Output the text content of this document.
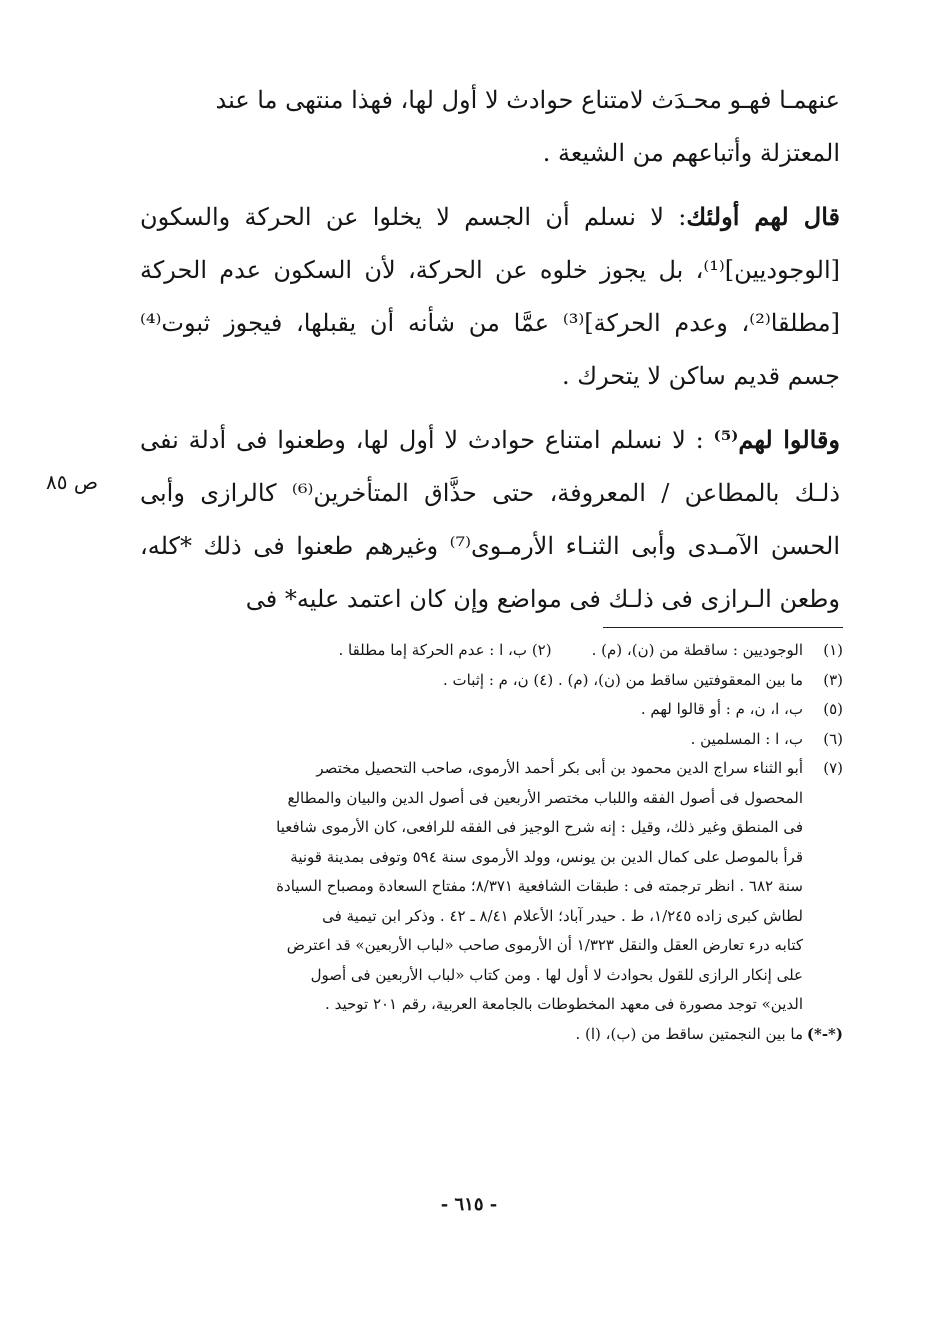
عنهمـا فهـو محـدَث لامتناع حوادث لا أول لها، فهذا منتهى ما عند

المعتزلة وأتباعهم من الشيعة .

قال لهم أولئك: لا نسلم أن الجسم لا يخلوا عن الحركة والسكون [الوجوديين]⁽¹⁾، بل يجوز خلوه عن الحركة، لأن السكون عدم الحركة [مطلقا⁽²⁾، وعدم الحركة]⁽³⁾ عمَّا من شأنه أن يقبلها، فيجوز ثبوت⁽⁴⁾ جسم قديم ساكن لا يتحرك .

وقالوا لهم⁽⁵⁾ : لا نسلم امتناع حوادث لا أول لها، وطعنوا فى أدلة نفى ذلـك بالمطاعن / المعروفة، حتى حذَّاق المتأخرين⁽⁶⁾ كالرازى وأبى الحسن الآمـدى وأبى الثنـاء الأرمـوى⁽⁷⁾ وغيرهم طعنوا فى ذلك *كله، وطعن الـرازى فى ذلـك فى مواضع وإن كان اعتمد عليه* فى

ص ٨٥
(١)
الوجوديين : ساقطة من (ن)، (م) .(٢) ب، ا : عدم الحركة إما مطلقا .
(٣)
ما بين المعقوفتين ساقط من (ن)، (م) . (٤) ن، م : إثبات .
(٥)
ب، ا، ن، م : أو قالوا لهم .
(٦)
ب، ا : المسلمين .
(٧)
أبو الثناء سراج الدين محمود بن أبى بكر أحمد الأرموى، صاحب التحصيل مختصر
المحصول فى أصول الفقه واللباب مختصر الأربعين فى أصول الدين والبيان والمطالع
فى المنطق وغير ذلك، وقيل : إنه شرح الوجيز فى الفقه للرافعى، كان الأرموى شافعيا
قرأ بالموصل على كمال الدين بن يونس، وولد الأرموى سنة ٥٩٤ وتوفى بمدينة قونية
سنة ٦٨٢ . انظر ترجمته فى : طبقات الشافعية ٨/٣٧١؛ مفتاح السعادة ومصباح السيادة
لطاش كبرى زاده ١/٢٤٥، ط . حيدر آباد؛ الأعلام ٨/٤١ ـ ٤٢ . وذكر ابن تيمية فى
كتابه درء تعارض العقل والنقل ١/٣٢٣ أن الأرموى صاحب «لباب الأربعين» قد اعترض
على إنكار الرازى للقول بحوادث لا أول لها . ومن كتاب «لباب الأربعين فى أصول
الدين» توجد مصورة فى معهد المخطوطات بالجامعة العربية، رقم ٢٠١ توحيد .
(*-*)
ما بين النجمتين ساقط من (ب)، (ا) .
- ٦١٥ -
